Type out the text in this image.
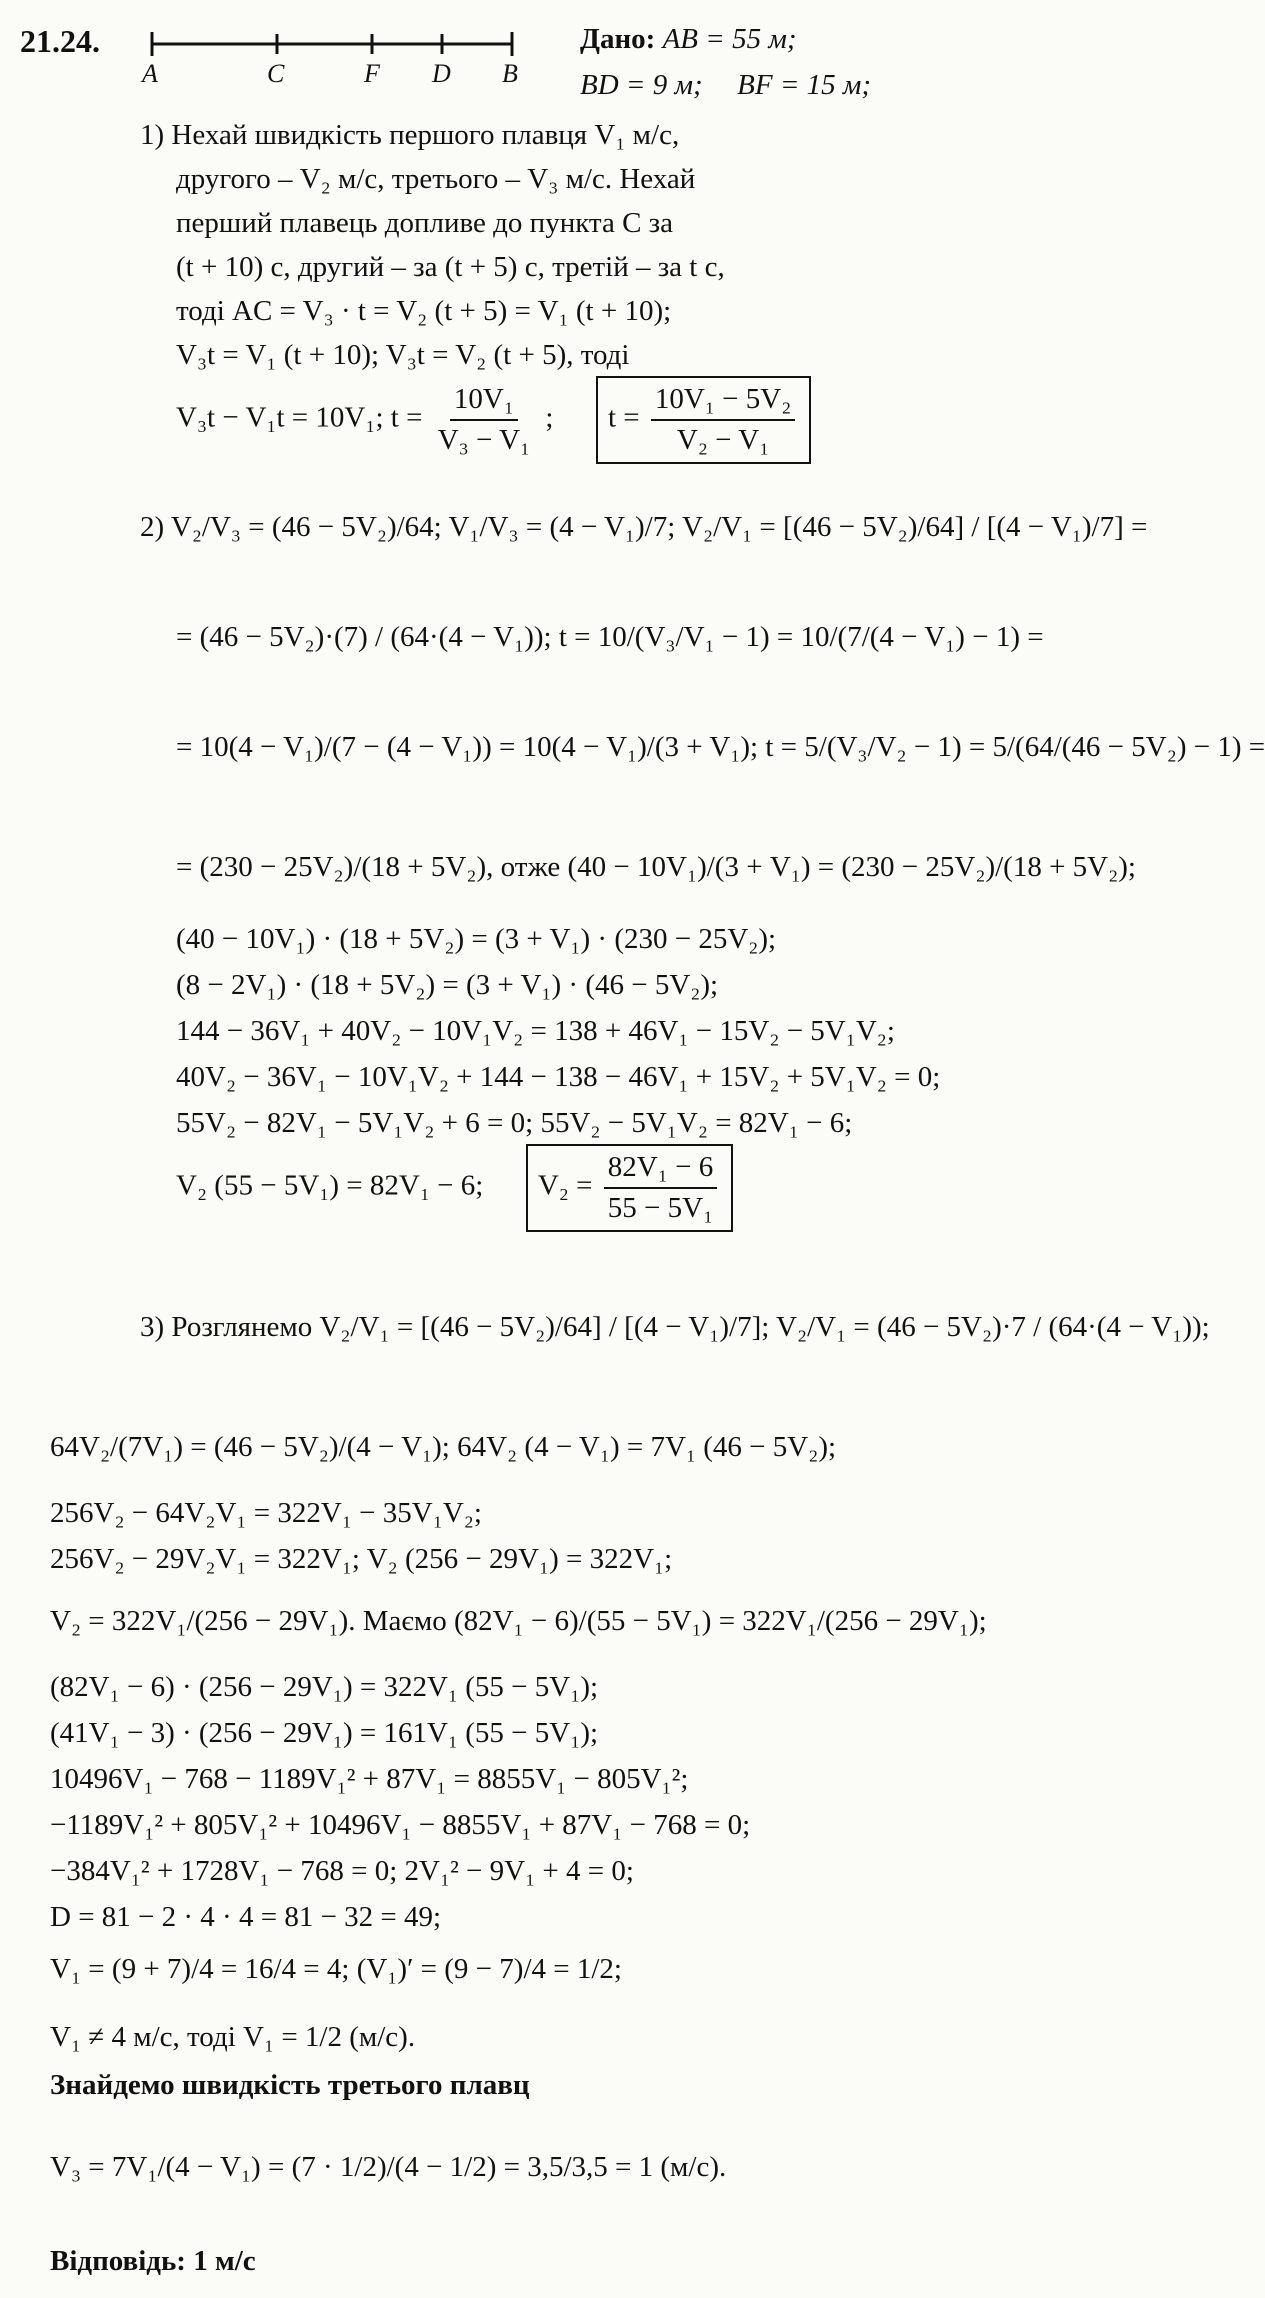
21.24.
A	C	F D B
Дано: AB = 55 м;
BD = 9 м; BF = 15 м;
1) Нехай швидкість першого плавця V₁ м/с,
другого – V₂ м/с, третього – V₃ м/с. Нехай
перший плавець допливе до пункта C за
(t + 10) с, другий – за (t + 5) с, третій – за t с,
тоді AC = V₃ · t = V₂ (t + 5) = V₁ (t + 10);
V₃t = V₁ (t + 10); V₃t = V₂ (t + 5), тоді
V₃t − V₁t = 10V₁; $t = \frac{\text{10V₁}}{\text{V₃ − V₁}}$ ; $t = \frac{\text{10V₁ − 5V₂}}{\text{V₂ − V₁}}$
2) V₂/V₃ = (46 − 5V₂)/64; V₁/V₃ = (4 − V₁)/7; V₂/V₁ = [(46 − 5V₂)/64] / [(4 − V₁)/7] =
= (46 − 5V₂)·(7) / (64·(4 − V₁)); t = 10/(V₃/V₁ − 1) = 10/(7/(4 − V₁) − 1) =
= 10(4 − V₁)/(7 − (4 − V₁)) = 10(4 − V₁)/(3 + V₁); t = 5/(V₃/V₂ − 1) = 5/(64/(46 − 5V₂) − 1) =
= (230 − 25V₂)/(18 + 5V₂), отже (40 − 10V₁)/(3 + V₁) = (230 − 25V₂)/(18 + 5V₂);
(40 − 10V₁) · (18 + 5V₂) = (3 + V₁) · (230 − 25V₂);
(8 − 2V₁) · (18 + 5V₂) = (3 + V₁) · (46 − 5V₂);
144 − 36V₁ + 40V₂ − 10V₁V₂ = 138 + 46V₁ − 15V₂ − 5V₁V₂;
40V₂ − 36V₁ − 10V₁V₂ + 144 − 138 − 46V₁ + 15V₂ + 5V₁V₂ = 0;
55V₂ − 82V₁ − 5V₁V₂ + 6 = 0; 55V₂ − 5V₁V₂ = 82V₁ − 6;
V₂ (55 − 5V₁) = 82V₁ − 6; $V_2 = \frac{\text{82V₁ − 6}}{\text{55 − 5V₁}}$
3) Розглянемо V₂/V₁ = [(46 − 5V₂)/64] / [(4 − V₁)/7]; V₂/V₁ = (46 − 5V₂)·7 / (64·(4 − V₁));
64V₂/(7V₁) = (46 − 5V₂)/(4 − V₁); 64V₂ (4 − V₁) = 7V₁ (46 − 5V₂);
256V₂ − 64V₂V₁ = 322V₁ − 35V₁V₂;
256V₂ − 29V₂V₁ = 322V₁; V₂ (256 − 29V₁) = 322V₁;
V₂ = 322V₁/(256 − 29V₁). Маємо (82V₁ − 6)/(55 − 5V₁) = 322V₁/(256 − 29V₁);
(82V₁ − 6) · (256 − 29V₁) = 322V₁ (55 − 5V₁);
(41V₁ − 3) · (256 − 29V₁) = 161V₁ (55 − 5V₁);
10496V₁ − 768 − 1189V₁² + 87V₁ = 8855V₁ − 805V₁²;
−1189V₁² + 805V₁² + 10496V₁ − 8855V₁ + 87V₁ − 768 = 0;
−384V₁² + 1728V₁ − 768 = 0; 2V₁² − 9V₁ + 4 = 0;
D = 81 − 2 · 4 · 4 = 81 − 32 = 49;
V₁ = (9 + 7)/4 = 16/4 = 4; (V₁)′ = (9 − 7)/4 = 1/2;
V₁ ≠ 4 м/с, тоді V₁ = 1/2 (м/с).
Знайдемо швидкість третього плавц
V₃ = 7V₁/(4 − V₁) = (7 · 1/2)/(4 − 1/2) = 3,5/3,5 = 1 (м/с).
Відповідь: 1 м/с
